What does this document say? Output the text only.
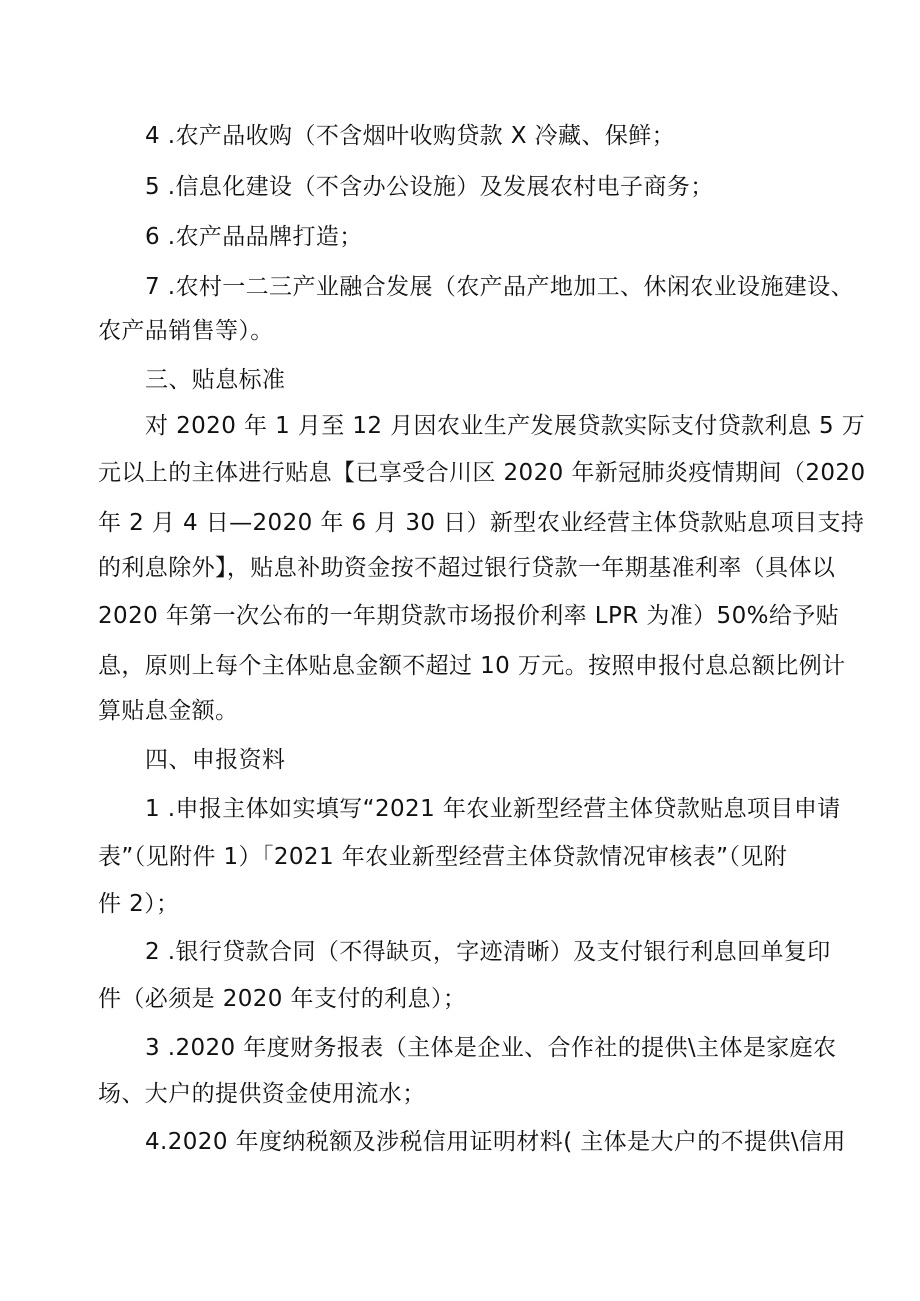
4 .农产品收购（不含烟叶收购贷款 X 冷藏、保鲜；
5 .信息化建设（不含办公设施）及发展农村电子商务；
6 .农产品品牌打造；
7 .农村一二三产业融合发展（农产品产地加工、休闲农业设施建设、
农产品销售等）。
三、贴息标准
对 2020 年 1 月至 12 月因农业生产发展贷款实际支付贷款利息 5 万
元以上的主体进行贴息【已享受合川区 2020 年新冠肺炎疫情期间（2020
年 2 月 4 日—2020 年 6 月 30 日）新型农业经营主体贷款贴息项目支持
的利息除外】，贴息补助资金按不超过银行贷款一年期基准利率（具体以
2020 年第一次公布的一年期贷款市场报价利率 LPR 为准）50%给予贴
息，原则上每个主体贴息金额不超过 10 万元。按照申报付息总额比例计
算贴息金额。
四、申报资料
1 .申报主体如实填写“2021 年农业新型经营主体贷款贴息项目申请
表”（见附件 1）「2021 年农业新型经营主体贷款情况审核表”（见附
件 2）；
2 .银行贷款合同（不得缺页，字迹清晰）及支付银行利息回单复印
件（必须是 2020 年支付的利息）；
3 .2020 年度财务报表（主体是企业、合作社的提供\主体是家庭农
场、大户的提供资金使用流水；
4.2020 年度纳税额及涉税信用证明材料( 主体是大户的不提供\信用
